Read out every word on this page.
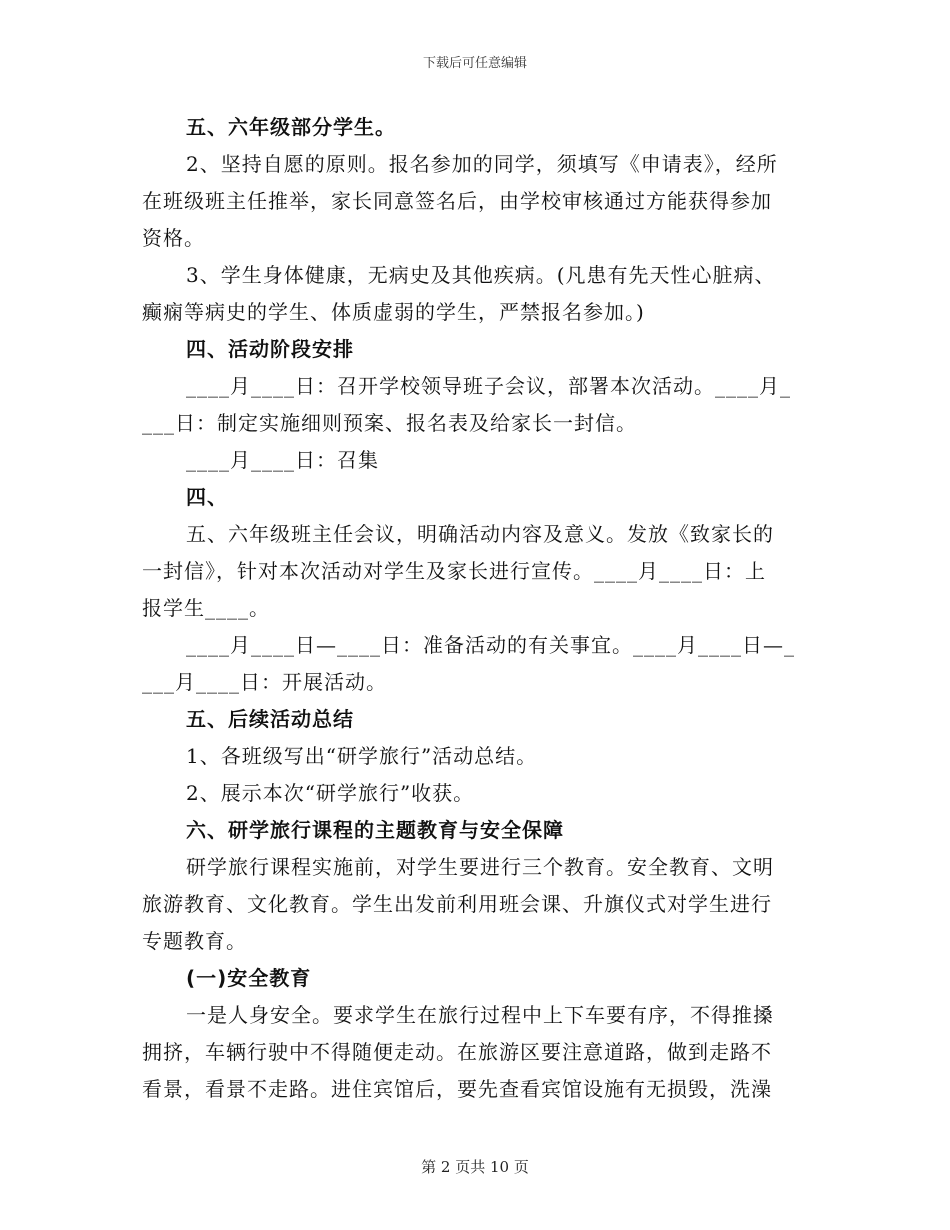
下载后可任意编辑
五、六年级部分学生。
2、坚持自愿的原则。报名参加的同学，须填写《申请表》，经所
在班级班主任推举，家长同意签名后，由学校审核通过方能获得参加
资格。
3、学生身体健康，无病史及其他疾病。(凡患有先天性心脏病、
癫痫等病史的学生、体质虚弱的学生，严禁报名参加。)
四、活动阶段安排
____月____日：召开学校领导班子会议，部署本次活动。____月_
___日：制定实施细则预案、报名表及给家长一封信。
____月____日：召集
四、
五、六年级班主任会议，明确活动内容及意义。发放《致家长的
一封信》，针对本次活动对学生及家长进行宣传。____月____日：上
报学生____。
____月____日—____日：准备活动的有关事宜。____月____日—_
___月____日：开展活动。
五、后续活动总结
1、各班级写出“研学旅行”活动总结。
2、展示本次“研学旅行”收获。
六、研学旅行课程的主题教育与安全保障
研学旅行课程实施前，对学生要进行三个教育。安全教育、文明
旅游教育、文化教育。学生出发前利用班会课、升旗仪式对学生进行
专题教育。
(一)安全教育
一是人身安全。要求学生在旅行过程中上下车要有序，不得推搡
拥挤，车辆行驶中不得随便走动。在旅游区要注意道路，做到走路不
看景，看景不走路。进住宾馆后，要先查看宾馆设施有无损毁，洗澡
第 2 页共 10 页
